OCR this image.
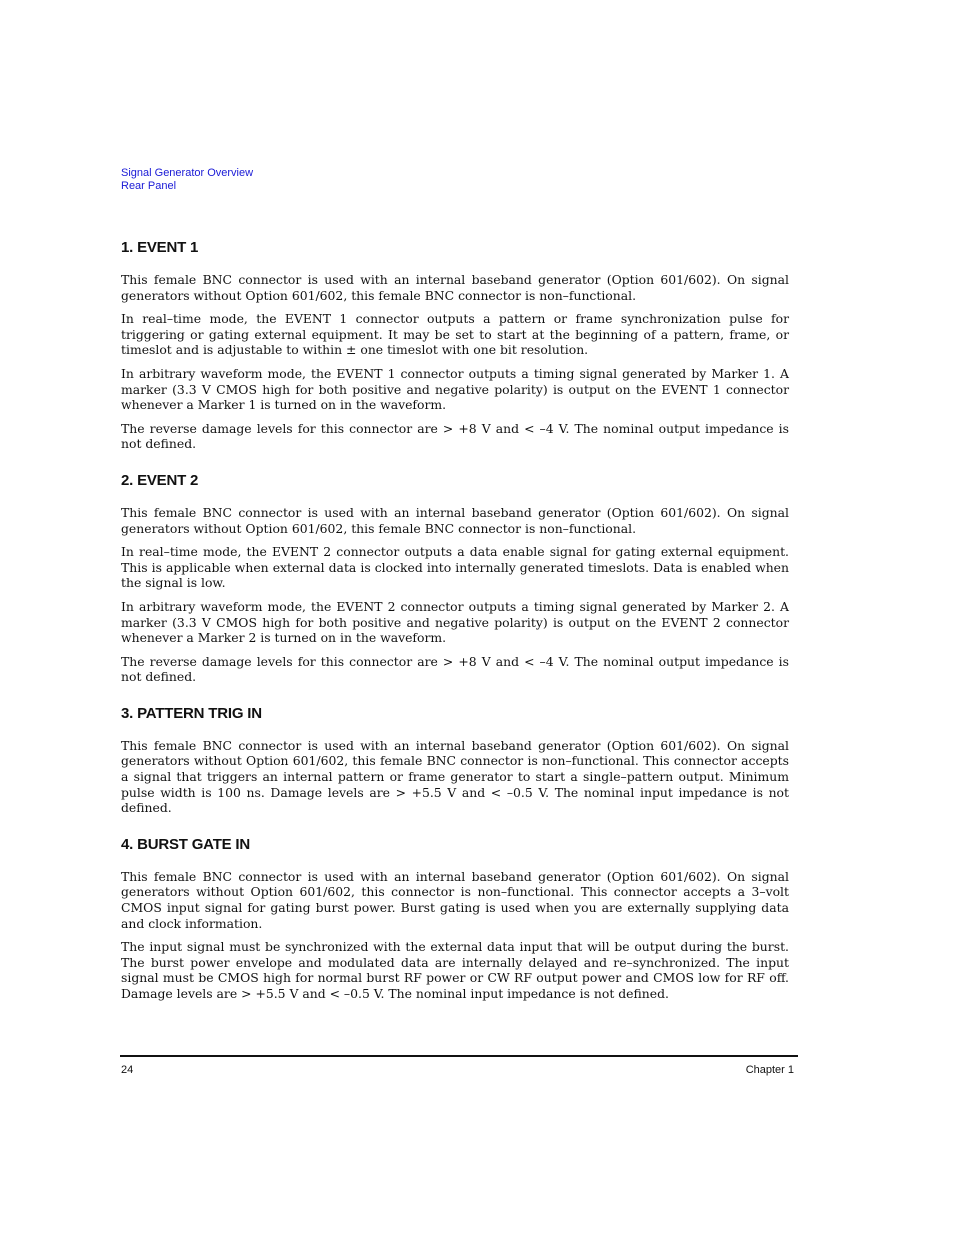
Signal Generator Overview
Rear Panel
1. EVENT 1

This female BNC connector is used with an internal baseband generator (Option 601/602). On signal generators without Option 601/602, this female BNC connector is non–functional.

In real–time mode, the EVENT 1 connector outputs a pattern or frame synchronization pulse for triggering or gating external equipment. It may be set to start at the beginning of a pattern, frame, or timeslot and is adjustable to within ± one timeslot with one bit resolution.

In arbitrary waveform mode, the EVENT 1 connector outputs a timing signal generated by Marker 1. A marker (3.3 V CMOS high for both positive and negative polarity) is output on the EVENT 1 connector whenever a Marker 1 is turned on in the waveform.

The reverse damage levels for this connector are > +8 V and < –4 V. The nominal output impedance is not defined.

2. EVENT 2

This female BNC connector is used with an internal baseband generator (Option 601/602). On signal generators without Option 601/602, this female BNC connector is non–functional.

In real–time mode, the EVENT 2 connector outputs a data enable signal for gating external equipment. This is applicable when external data is clocked into internally generated timeslots. Data is enabled when the signal is low.

In arbitrary waveform mode, the EVENT 2 connector outputs a timing signal generated by Marker 2. A marker (3.3 V CMOS high for both positive and negative polarity) is output on the EVENT 2 connector whenever a Marker 2 is turned on in the waveform.

The reverse damage levels for this connector are > +8 V and < –4 V. The nominal output impedance is not defined.

3. PATTERN TRIG IN

This female BNC connector is used with an internal baseband generator (Option 601/602). On signal generators without Option 601/602, this female BNC connector is non–functional. This connector accepts a signal that triggers an internal pattern or frame generator to start a single–pattern output. Minimum pulse width is 100 ns. Damage levels are > +5.5 V and < –0.5 V. The nominal input impedance is not defined.

4. BURST GATE IN

This female BNC connector is used with an internal baseband generator (Option 601/602). On signal generators without Option 601/602, this connector is non–functional. This connector accepts a 3–volt CMOS input signal for gating burst power. Burst gating is used when you are externally supplying data and clock information.

The input signal must be synchronized with the external data input that will be output during the burst. The burst power envelope and modulated data are internally delayed and re–synchronized. The input signal must be CMOS high for normal burst RF power or CW RF output power and CMOS low for RF off. Damage levels are > +5.5 V and < –0.5 V. The nominal input impedance is not defined.

24	Chapter 1
